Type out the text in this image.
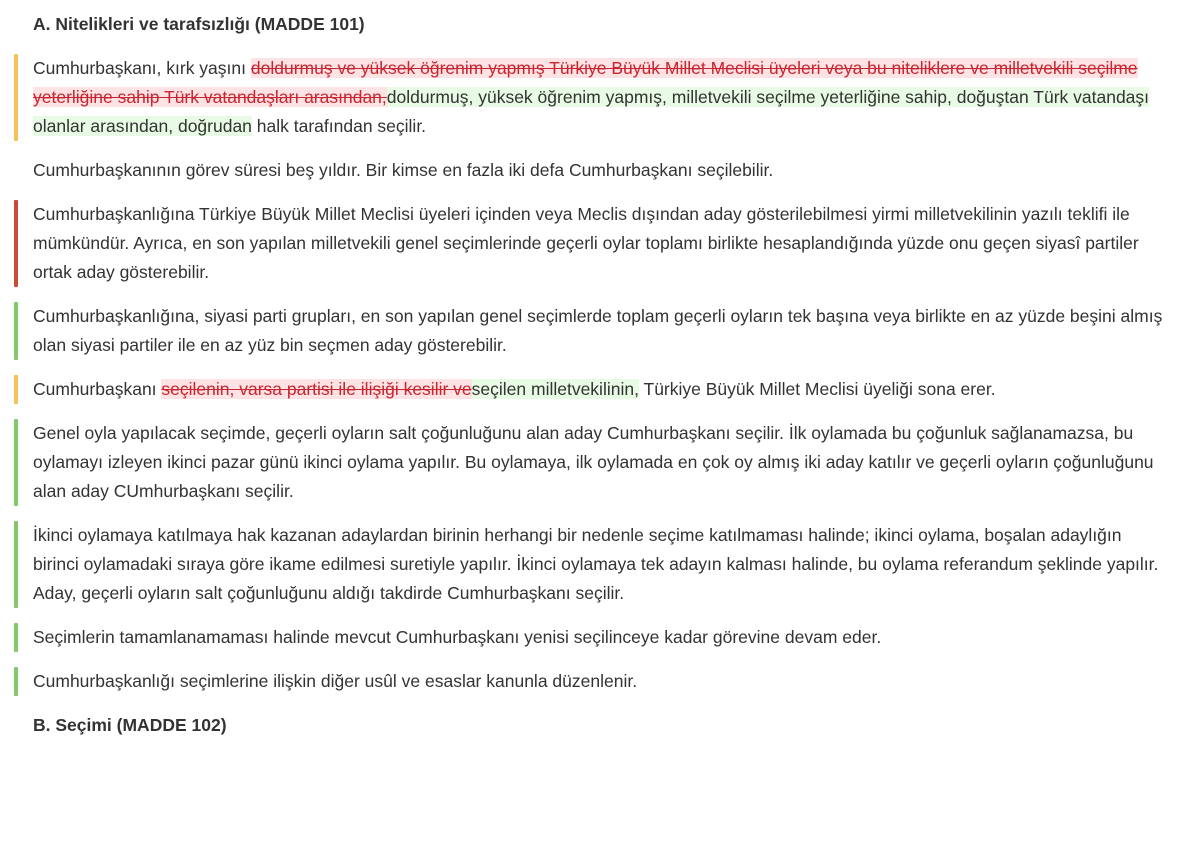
A. Nitelikleri ve tarafsızlığı (MADDE 101)

Cumhurbaşkanı, kırk yaşını doldurmuş ve yüksek öğrenim yapmış Türkiye Büyük Millet Meclisi üyeleri veya bu niteliklere ve milletvekili seçilme yeterliğine sahip Türk vatandaşları arasından,doldurmuş, yüksek öğrenim yapmış, milletvekili seçilme yeterliğine sahip, doğuştan Türk vatandaşı olanlar arasından, doğrudan halk tarafından seçilir.

Cumhurbaşkanının görev süresi beş yıldır. Bir kimse en fazla iki defa Cumhurbaşkanı seçilebilir.

Cumhurbaşkanlığına Türkiye Büyük Millet Meclisi üyeleri içinden veya Meclis dışından aday gösterilebilmesi yirmi milletvekilinin yazılı teklifi ile mümkündür. Ayrıca, en son yapılan milletvekili genel seçimlerinde geçerli oylar toplamı birlikte hesaplandığında yüzde onu geçen siyasî partiler ortak aday gösterebilir.

Cumhurbaşkanlığına, siyasi parti grupları, en son yapılan genel seçimlerde toplam geçerli oyların tek başına veya birlikte en az yüzde beşini almış olan siyasi partiler ile en az yüz bin seçmen aday gösterebilir.

Cumhurbaşkanı seçilenin, varsa partisi ile ilişiği kesilir veseçilen milletvekilinin, Türkiye Büyük Millet Meclisi üyeliği sona erer.

Genel oyla yapılacak seçimde, geçerli oyların salt çoğunluğunu alan aday Cumhurbaşkanı seçilir. İlk oylamada bu çoğunluk sağlanamazsa, bu oylamayı izleyen ikinci pazar günü ikinci oylama yapılır. Bu oylamaya, ilk oylamada en çok oy almış iki aday katılır ve geçerli oyların çoğunluğunu alan aday CUmhurbaşkanı seçilir.

İkinci oylamaya katılmaya hak kazanan adaylardan birinin herhangi bir nedenle seçime katılmaması halinde; ikinci oylama, boşalan adaylığın birinci oylamadaki sıraya göre ikame edilmesi suretiyle yapılır. İkinci oylamaya tek adayın kalması halinde, bu oylama referandum şeklinde yapılır. Aday, geçerli oyların salt çoğunluğunu aldığı takdirde Cumhurbaşkanı seçilir.

Seçimlerin tamamlanamaması halinde mevcut Cumhurbaşkanı yenisi seçilinceye kadar görevine devam eder.

Cumhurbaşkanlığı seçimlerine ilişkin diğer usûl ve esaslar kanunla düzenlenir.

B. Seçimi (MADDE 102)
